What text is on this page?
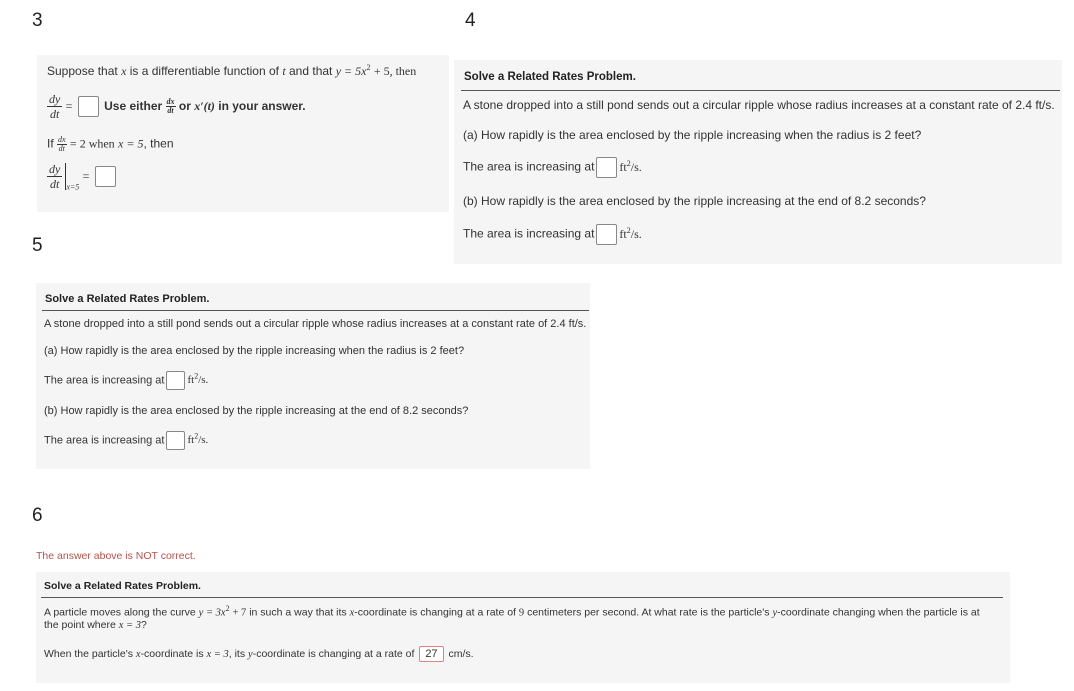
3
Suppose that x is a differentiable function of t and that $y = 5x^2 + 5$, then
$\frac{dy}{dt}$ =	Use either $\frac{dx}{dt}$ or x′(t) in your answer.
If $\frac{dx}{dt} = 2$ when x = 5, then
$\frac{dy}{dt} _{x=5}$ =
4
Solve a Related Rates Problem.
A stone dropped into a still pond sends out a circular ripple whose radius increases at a constant rate of 2.4 ft/s.
(a) How rapidly is the area enclosed by the ripple increasing when the radius is 2 feet?
The area is increasing at $ft^2/s$.
(b) How rapidly is the area enclosed by the ripple increasing at the end of 8.2 seconds?
The area is increasing at $ft^2/s$.
5
Solve a Related Rates Problem.
A stone dropped into a still pond sends out a circular ripple whose radius increases at a constant rate of 2.4 ft/s.
(a) How rapidly is the area enclosed by the ripple increasing when the radius is 2 feet?
The area is increasing at $ft^2/s$.
(b) How rapidly is the area enclosed by the ripple increasing at the end of 8.2 seconds?
The area is increasing at $ft^2/s$.
6
The answer above is NOT correct.
Solve a Related Rates Problem.
A particle moves along the curve $y = 3x^2 + 7$ in such a way that its x-coordinate is changing at a rate of 9 centimeters per second. At what rate is the particle's y-coordinate changing when the particle is at
the point where x = 3?
When the particle's x-coordinate is x = 3, its y-coordinate is changing at a rate of 27 cm/s.
